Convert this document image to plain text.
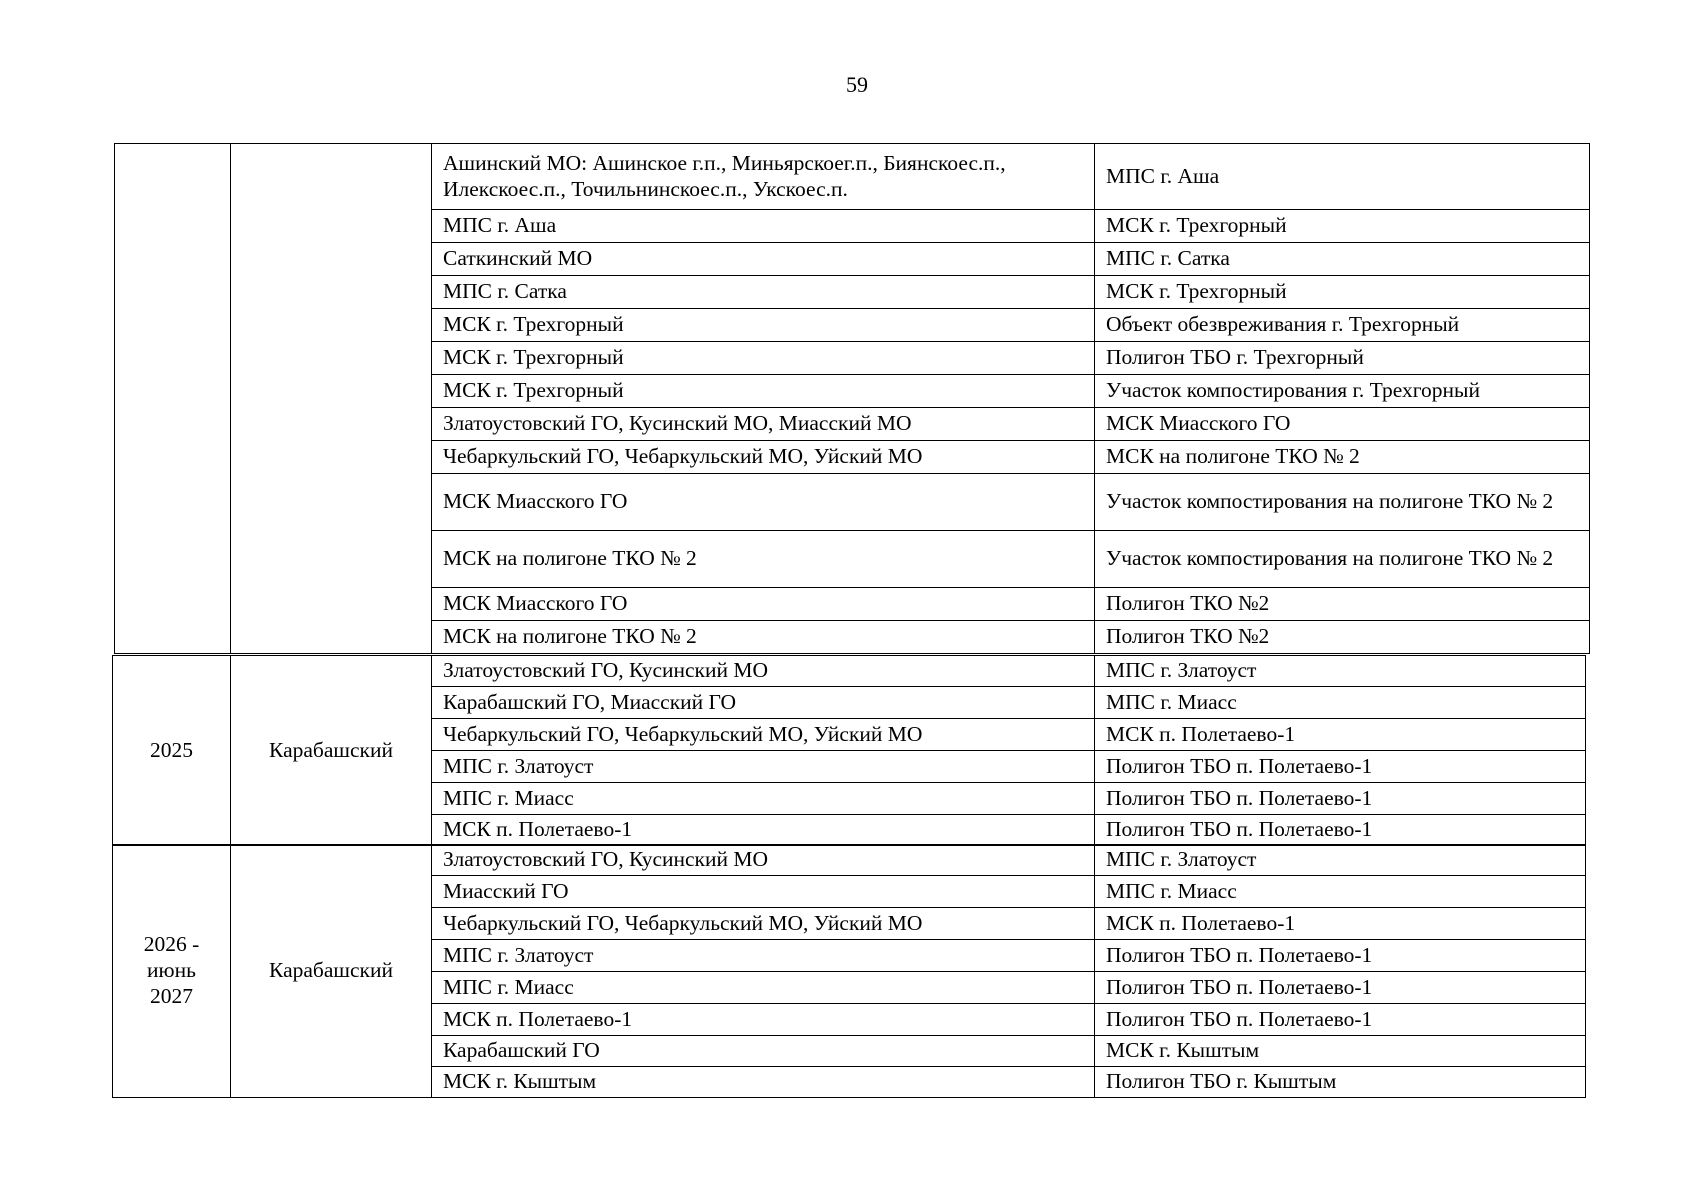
59

		Ашинский МО: Ашинское г.п., Миньярскоег.п., Биянскоес.п., Илекскоес.п., Точильнинскоес.п., Укскоес.п.	МПС г. Аша
		МПС г. Аша	МСК г. Трехгорный
		Саткинский МО	МПС г. Сатка
		МПС г. Сатка	МСК г. Трехгорный
		МСК г. Трехгорный	Объект обезвреживания г. Трехгорный
		МСК г. Трехгорный	Полигон ТБО г. Трехгорный
		МСК г. Трехгорный	Участок компостирования г. Трехгорный
		Златоустовский ГО, Кусинский МО, Миасский МО	МСК Миасского ГО
		Чебаркульский ГО, Чебаркульский МО, Уйский МО	МСК на полигоне ТКО № 2
		МСК Миасского ГО	Участок компостирования на полигоне ТКО № 2

		МСК на полигоне ТКО № 2	Участок компостирования на полигоне ТКО № 2

		МСК Миасского ГО	Полигон ТКО №2
		МСК на полигоне ТКО № 2	Полигон ТКО №2
2025	Карабашский	Златоустовский ГО, Кусинский МО	МПС г. Златоуст
		Карабашский ГО, Миасский ГО	МПС г. Миасс
		Чебаркульский ГО, Чебаркульский МО, Уйский МО	МСК п. Полетаево-1
		МПС г. Златоуст	Полигон ТБО п. Полетаево-1
		МПС г. Миасс	Полигон ТБО п. Полетаево-1
		МСК п. Полетаево-1	Полигон ТБО п. Полетаево-1
2026 - июнь 2027	Карабашский	Златоустовский ГО, Кусинский МО	МПС г. Златоуст
		Миасский ГО	МПС г. Миасс
		Чебаркульский ГО, Чебаркульский МО, Уйский МО	МСК п. Полетаево-1
		МПС г. Златоуст	Полигон ТБО п. Полетаево-1
		МПС г. Миасс	Полигон ТБО п. Полетаево-1
		МСК п. Полетаево-1	Полигон ТБО п. Полетаево-1
		Карабашский ГО	МСК г. Кыштым
		МСК г. Кыштым	Полигон ТБО г. Кыштым
